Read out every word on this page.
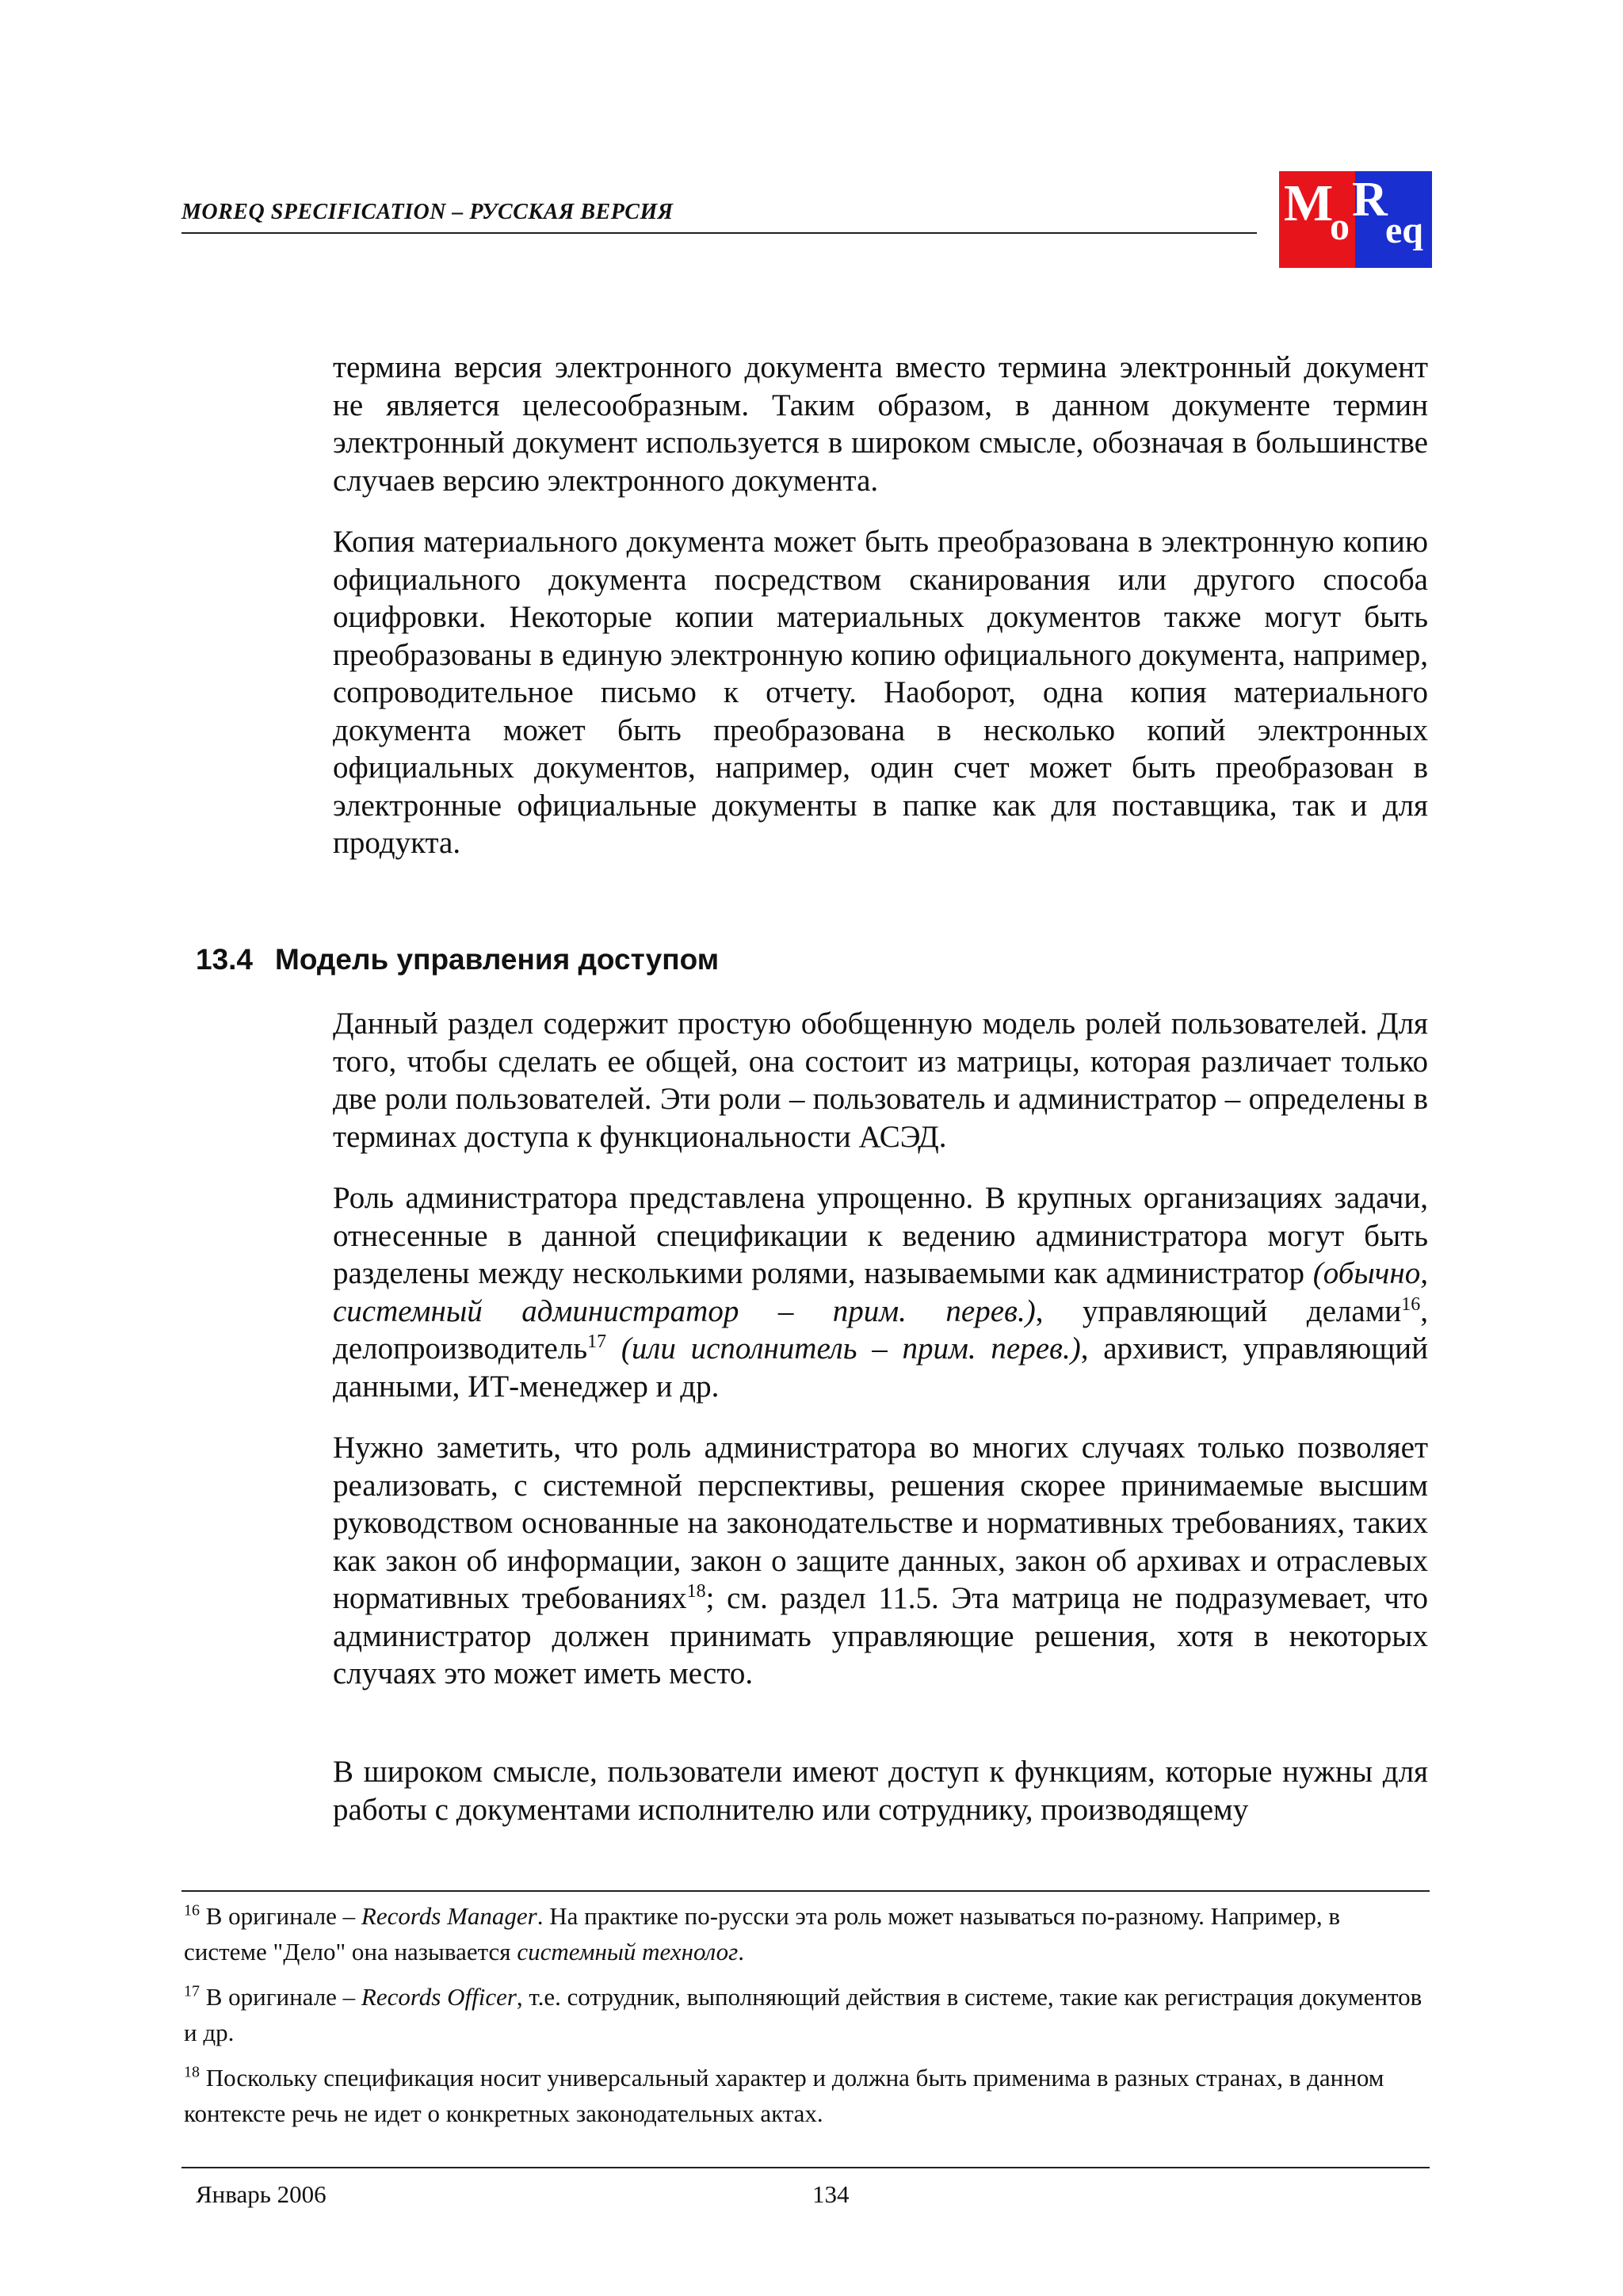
MOREQ SPECIFICATION – РУССКАЯ ВЕРСИЯ	M
o R
eq

термина версия электронного документа вместо термина электронный документ не является целесообразным. Таким образом, в данном документе термин электронный документ используется в широком смысле, обозначая в большинстве случаев версию электронного документа.

Копия материального документа может быть преобразована в электронную копию официального документа посредством сканирования или другого способа оцифровки. Некоторые копии материальных документов также могут быть преобразованы в единую электронную копию официального документа, например, сопроводительное письмо к отчету. Наоборот, одна копия материального документа может быть преобразована в несколько копий электронных официальных документов, например, один счет может быть преобразован в электронные официальные документы в папке как для поставщика, так и для продукта.

13.4 Модель управления доступом

Данный раздел содержит простую обобщенную модель ролей пользователей. Для того, чтобы сделать ее общей, она состоит из матрицы, которая различает только две роли пользователей. Эти роли – пользователь и администратор – определены в терминах доступа к функциональности АСЭД.

Роль администратора представлена упрощенно. В крупных организациях задачи, отнесенные в данной спецификации к ведению администратора могут быть разделены между несколькими ролями, называемыми как администратор (обычно, системный администратор – прим. перев.), управляющий делами$^{16}$, делопроизводитель$^{17}$ (или исполнитель – прим. перев.), архивист, управляющий данными, ИТ-менеджер и др.

Нужно заметить, что роль администратора во многих случаях только позволяет реализовать, с системной перспективы, решения скорее принимаемые высшим руководством основанные на законодательстве и нормативных требованиях, таких как закон об информации, закон о защите данных, закон об архивах и отраслевых нормативных требованиях$^{18}$; см. раздел 11.5. Эта матрица не подразумевает, что администратор должен принимать управляющие решения, хотя в некоторых случаях это может иметь место.

В широком смысле, пользователи имеют доступ к функциям, которые нужны для работы с документами исполнителю или сотруднику, производящему

$^{16}$ В оригинале – Records Manager. На практике по-русски эта роль может называться по-разному. Например, в системе "Дело" она называется системный технолог.

$^{17}$ В оригинале – Records Officer, т.е. сотрудник, выполняющий действия в системе, такие как регистрация документов и др.

$^{18}$ Поскольку спецификация носит универсальный характер и должна быть применима в разных странах, в данном контексте речь не идет о конкретных законодательных актах.

Январь 2006	134
